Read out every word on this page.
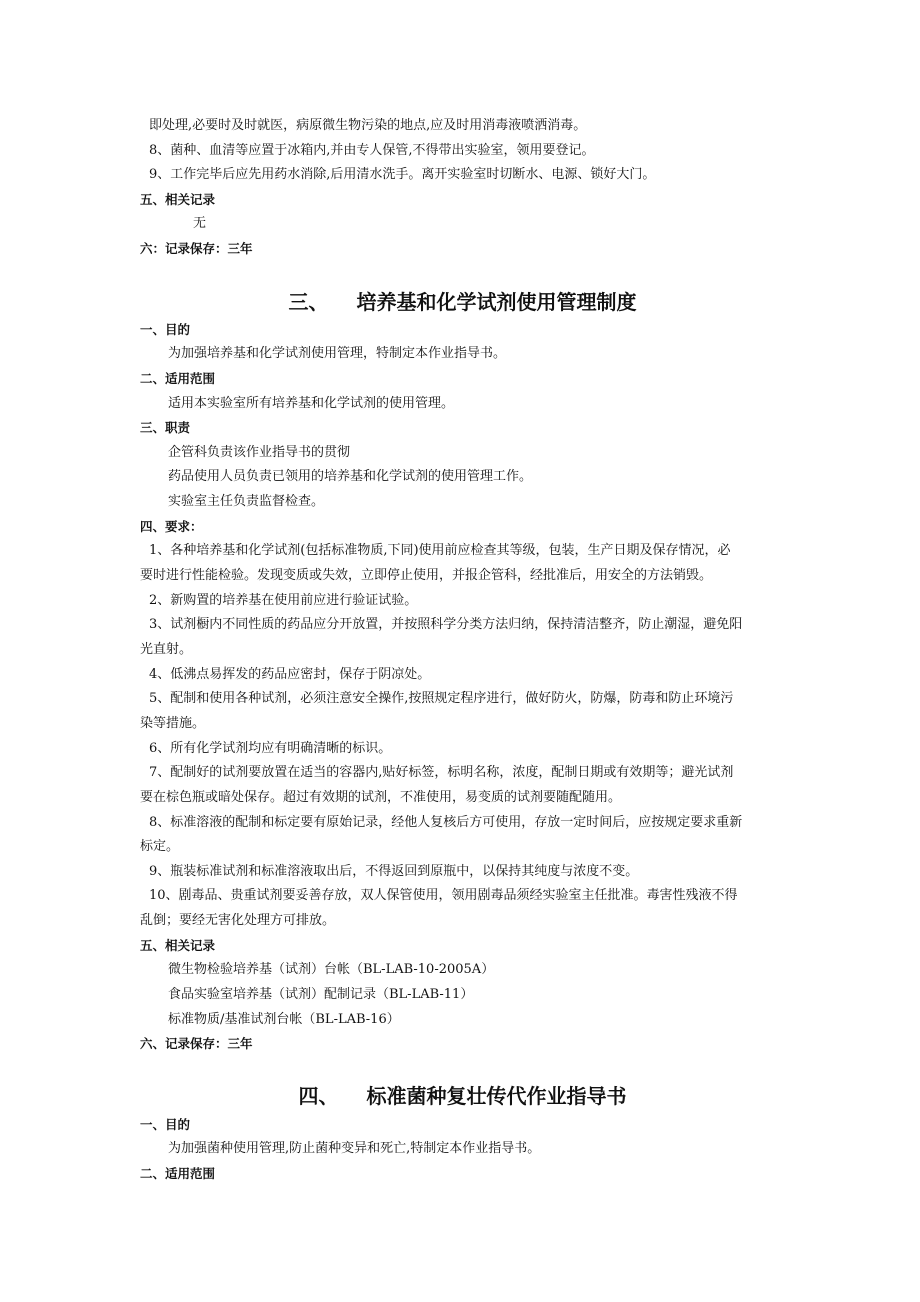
即处理,必要时及时就医，病原微生物污染的地点,应及时用消毒液喷洒消毒。
8、菌种、血清等应置于冰箱内,并由专人保管,不得带出实验室，领用要登记。
9、工作完毕后应先用药水消除,后用清水洗手。离开实验室时切断水、电源、锁好大门。
五、相关记录
无
六：记录保存：三年
三、 培养基和化学试剂使用管理制度
一、目的
为加强培养基和化学试剂使用管理，特制定本作业指导书。
二、适用范围
适用本实验室所有培养基和化学试剂的使用管理。
三、职责
企管科负责该作业指导书的贯彻
药品使用人员负责已领用的培养基和化学试剂的使用管理工作。
实验室主任负责监督检查。
四、要求：
1、各种培养基和化学试剂(包括标准物质,下同)使用前应检查其等级，包装，生产日期及保存情况，必
要时进行性能检验。发现变质或失效，立即停止使用，并报企管科，经批准后，用安全的方法销毁。
2、新购置的培养基在使用前应进行验证试验。
3、试剂橱内不同性质的药品应分开放置，并按照科学分类方法归纳，保持清洁整齐，防止潮湿，避免阳
光直射。
4、低沸点易挥发的药品应密封，保存于阴凉处。
5、配制和使用各种试剂，必须注意安全操作,按照规定程序进行，做好防火，防爆，防毒和防止环境污
染等措施。
6、所有化学试剂均应有明确清晰的标识。
7、配制好的试剂要放置在适当的容器内,贴好标签，标明名称，浓度，配制日期或有效期等；避光试剂
要在棕色瓶或暗处保存。超过有效期的试剂，不准使用，易变质的试剂要随配随用。
8、标准溶液的配制和标定要有原始记录，经他人复核后方可使用，存放一定时间后，应按规定要求重新
标定。
9、瓶装标准试剂和标准溶液取出后，不得返回到原瓶中，以保持其纯度与浓度不变。
10、剧毒品、贵重试剂要妥善存放，双人保管使用，领用剧毒品须经实验室主任批准。毒害性残液不得
乱倒；要经无害化处理方可排放。
五、相关记录
微生物检验培养基（试剂）台帐（BL-LAB-10-2005A）
食品实验室培养基（试剂）配制记录（BL-LAB-11）
标准物质/基准试剂台帐（BL-LAB-16）
六、记录保存：三年
四、 标准菌种复壮传代作业指导书
一、目的
为加强菌种使用管理,防止菌种变异和死亡,特制定本作业指导书。
二、适用范围
